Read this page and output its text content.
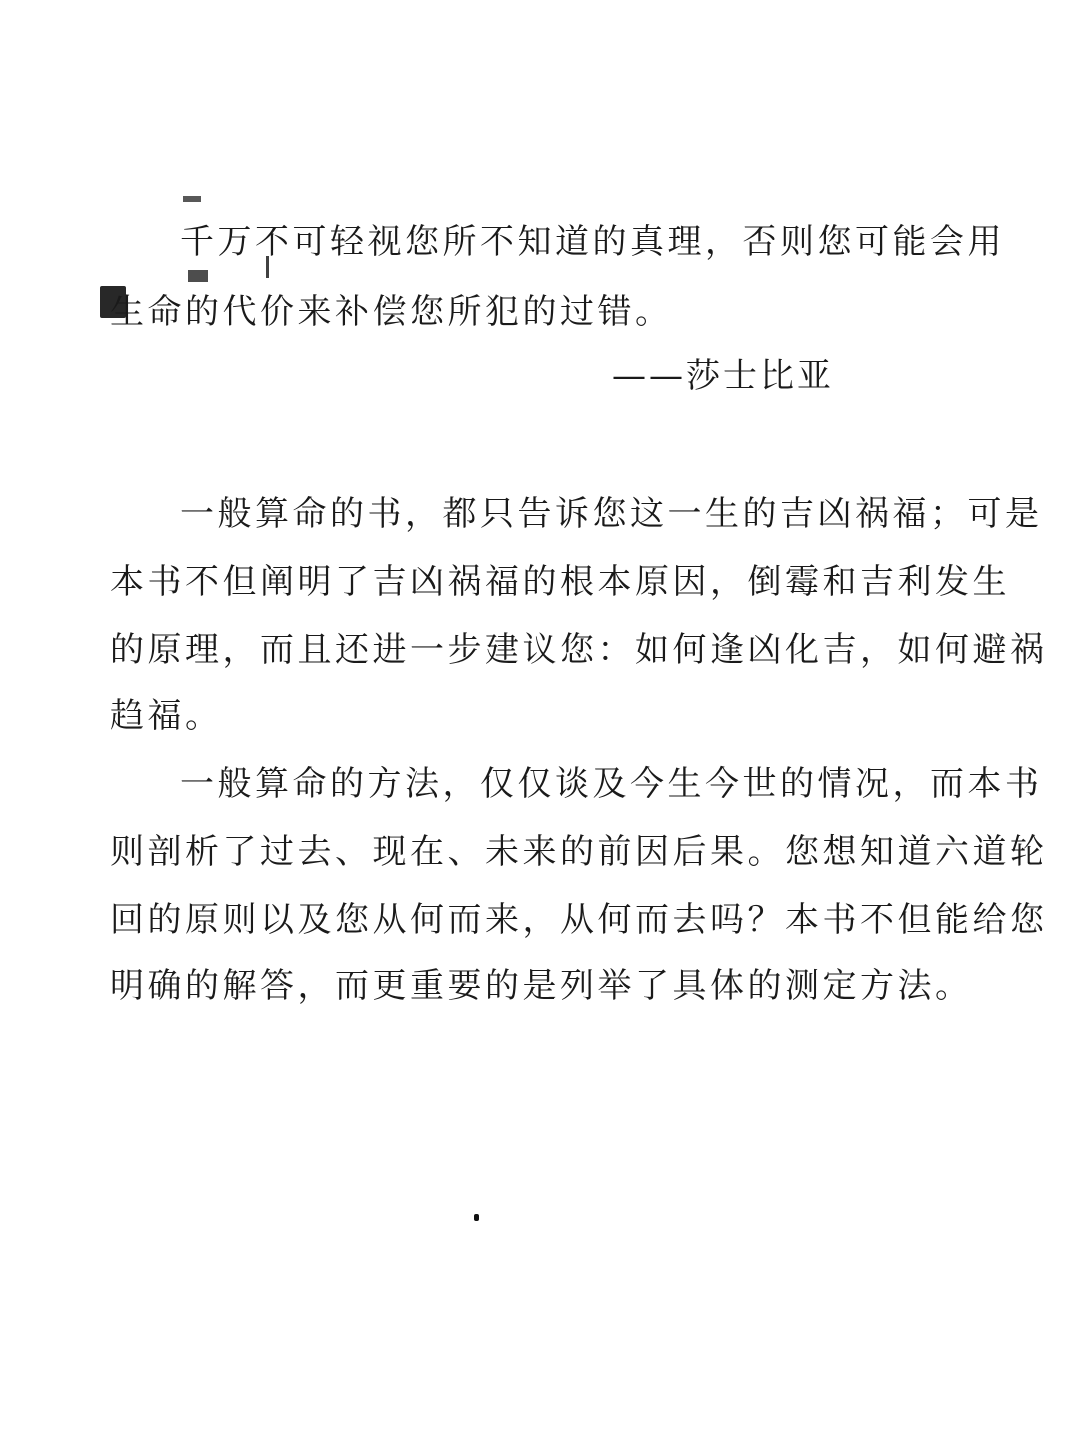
千万不可轻视您所不知道的真理，否则您可能会用

生命的代价来补偿您所犯的过错。

——莎士比亚

一般算命的书，都只告诉您这一生的吉凶祸福；可是

本书不但阐明了吉凶祸福的根本原因，倒霉和吉利发生

的原理，而且还进一步建议您：如何逢凶化吉，如何避祸

趋福。

一般算命的方法，仅仅谈及今生今世的情况，而本书

则剖析了过去、现在、未来的前因后果。您想知道六道轮

回的原则以及您从何而来，从何而去吗？本书不但能给您

明确的解答，而更重要的是列举了具体的测定方法。
